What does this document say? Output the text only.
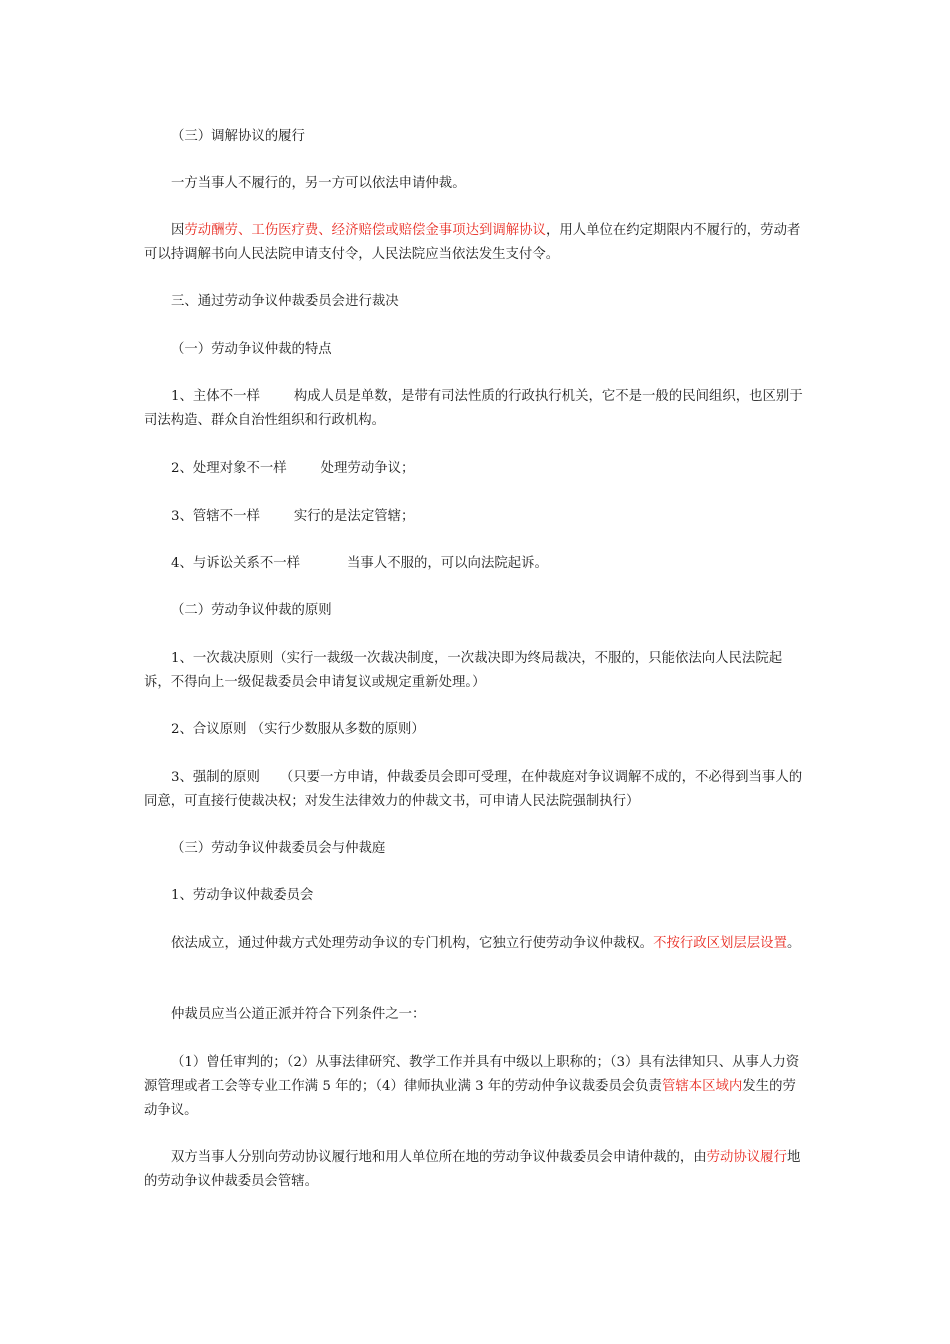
（三）调解协议的履行

一方当事人不履行的，另一方可以依法申请仲裁。

因劳动酬劳、工伤医疗费、经济赔偿或赔偿金事项达到调解协议，用人单位在约定期限内不履行的，劳动者可以持调解书向人民法院申请支付令，人民法院应当依法发生支付令。

三、通过劳动争议仲裁委员会进行裁决

（一）劳动争议仲裁的特点

1、主体不一样	构成人员是单数，是带有司法性质的行政执行机关，它不是一般的民间组织，也区别于司法构造、群众自治性组织和行政机构。

2、处理对象不一样	处理劳动争议；

3、管辖不一样	实行的是法定管辖；

4、与诉讼关系不一样	当事人不服的，可以向法院起诉。

（二）劳动争议仲裁的原则

1、一次裁决原则（实行一裁级一次裁决制度，一次裁决即为终局裁决，不服的，只能依法向人民法院起诉，不得向上一级促裁委员会申请复议或规定重新处理。）

2、合议原则 （实行少数服从多数的原则）

3、强制的原则 （只要一方申请，仲裁委员会即可受理，在仲裁庭对争议调解不成的，不必得到当事人的同意，可直接行使裁决权；对发生法律效力的仲裁文书，可申请人民法院强制执行）

（三）劳动争议仲裁委员会与仲裁庭

1、劳动争议仲裁委员会

依法成立，通过仲裁方式处理劳动争议的专门机构，它独立行使劳动争议仲裁权。不按行政区划层层设置。

仲裁员应当公道正派并符合下列条件之一：

（1）曾任审判的；（2）从事法律研究、教学工作并具有中级以上职称的；（3）具有法律知只、从事人力资源管理或者工会等专业工作满 5 年的；（4）律师执业满 3 年的劳动仲争议裁委员会负责管辖本区域内发生的劳动争议。

双方当事人分别向劳动协议履行地和用人单位所在地的劳动争议仲裁委员会申请仲裁的，由劳动协议履行地的劳动争议仲裁委员会管辖。
